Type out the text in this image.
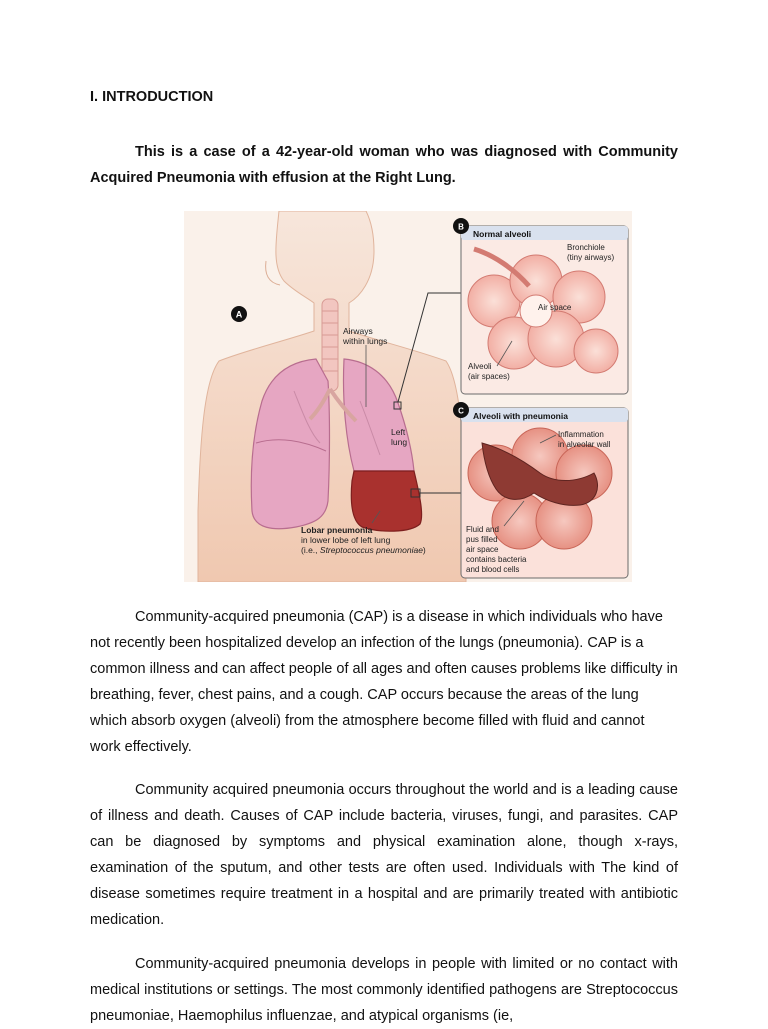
I. INTRODUCTION

This is a case of a 42-year-old woman who was diagnosed with Community Acquired Pneumonia with effusion at the Right Lung.

A
B
C
Airways
within lungs
Left
lung
Lobar pneumonia
in lower lobe of left lung
(i.e., Streptococcus pneumoniae)
Normal alveoli
Bronchiole
(tiny airways)
Air space
Alveoli
(air spaces)
Alveoli with pneumonia
Inflammation
in alveolar wall
Fluid and
pus filled
air space
contains bacteria
and blood cells

Community-acquired pneumonia (CAP) is a disease in which individuals who have not recently been hospitalized develop an infection of the lungs (pneumonia). CAP is a common illness and can affect people of all ages and often causes problems like difficulty in breathing, fever, chest pains, and a cough. CAP occurs because the areas of the lung which absorb oxygen (alveoli) from the atmosphere become filled with fluid and cannot work effectively.

Community acquired pneumonia occurs throughout the world and is a leading cause of illness and death. Causes of CAP include bacteria, viruses, fungi, and parasites. CAP can be diagnosed by symptoms and physical examination alone, though x-rays, examination of the sputum, and other tests are often used. Individuals with The kind of disease sometimes require treatment in a hospital and are primarily treated with antibiotic medication.

Community-acquired pneumonia develops in people with limited or no contact with medical institutions or settings. The most commonly identified pathogens are Streptococcus pneumoniae, Haemophilus influenzae, and atypical organisms (ie,
